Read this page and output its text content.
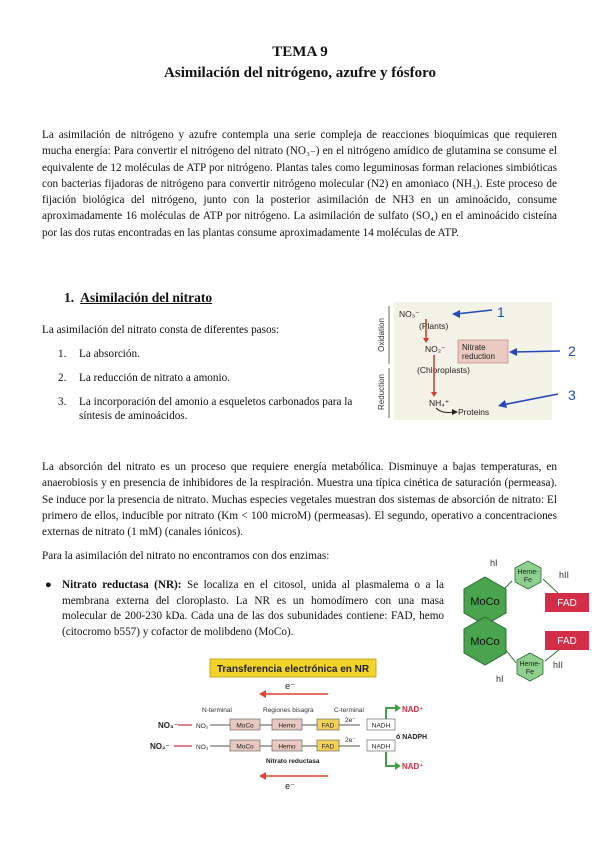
TEMA 9
Asimilación del nitrógeno, azufre y fósforo
La asimilación de nitrógeno y azufre contempla una serie compleja de reacciones bioquímicas que requieren mucha energía: Para convertir el nitrógeno del nitrato (NO₃₋) en el nitrógeno amídico de glutamina se consume el equivalente de 12 moléculas de ATP por nitrógeno. Plantas tales como leguminosas forman relaciones simbióticas con bacterias fijadoras de nitrógeno para convertir nitrógeno molecular (N2) en amoniaco (NH₃). Este proceso de fijación biológica del nitrógeno, junto con la posterior asimilación de NH3 en un aminoácido, consume aproximadamente 16 moléculas de ATP por nitrógeno. La asimilación de sulfato (SO₄) en el aminoácido cisteína por las dos rutas encontradas en las plantas consume aproximadamente 14 moléculas de ATP.
1. Asimilación del nitrato
La asimilación del nitrato consta de diferentes pasos:
1. La absorción.
2. La reducción de nitrato a amonio.
3. La incorporación del amonio a esqueletos carbonados para la síntesis de aminoácidos.
Oxidation
Reduction
NO₃⁻
(Plants)
NO₂⁻ Nitrate
reduction
(Chloroplasts)
NH₄⁺
Proteins
1
2
3
La absorción del nitrato es un proceso que requiere energía metabólica. Disminuye a bajas temperaturas, en anaerobiosis y en presencia de inhibidores de la respiración. Muestra una típica cinética de saturación (permeasa). Se induce por la presencia de nitrato. Muchas especies vegetales muestran dos sistemas de absorción de nitrato: El primero de ellos, inducible por nitrato (Km < 100 microM) (permeasas). El segundo, operativo a concentraciones externas de nitrato (1 mM) (canales iónicos).
Para la asimilación del nitrato no encontramos con dos enzimas:
● Nitrato reductasa (NR): Se localiza en el citosol, unida al plasmalema o a la membrana externa del cloroplasto. La NR es un homodímero con una masa molecular de 200-230 kDa. Cada una de las dos subunidades contiene: FAD, hemo (citocromo b557) y cofactor de molibdeno (MoCo).
hI
hII
Heme-
Fe
MoCo	FAD
MoCo	FAD
Heme-
Fe
hI
hII
Transferencia electrónica en NR
e⁻
N-terminal	Regiones bisagra	C-terminal	NAD⁺
NO₃⁻	NO₂	MoCo	Hemo	FAD
2e⁻
NADH
ó NADPH
NO₂⁻	NO₃	MoCo	Hemo	FAD
2e⁻
NADH
Nitrato reductasa
NAD⁺
e⁻
